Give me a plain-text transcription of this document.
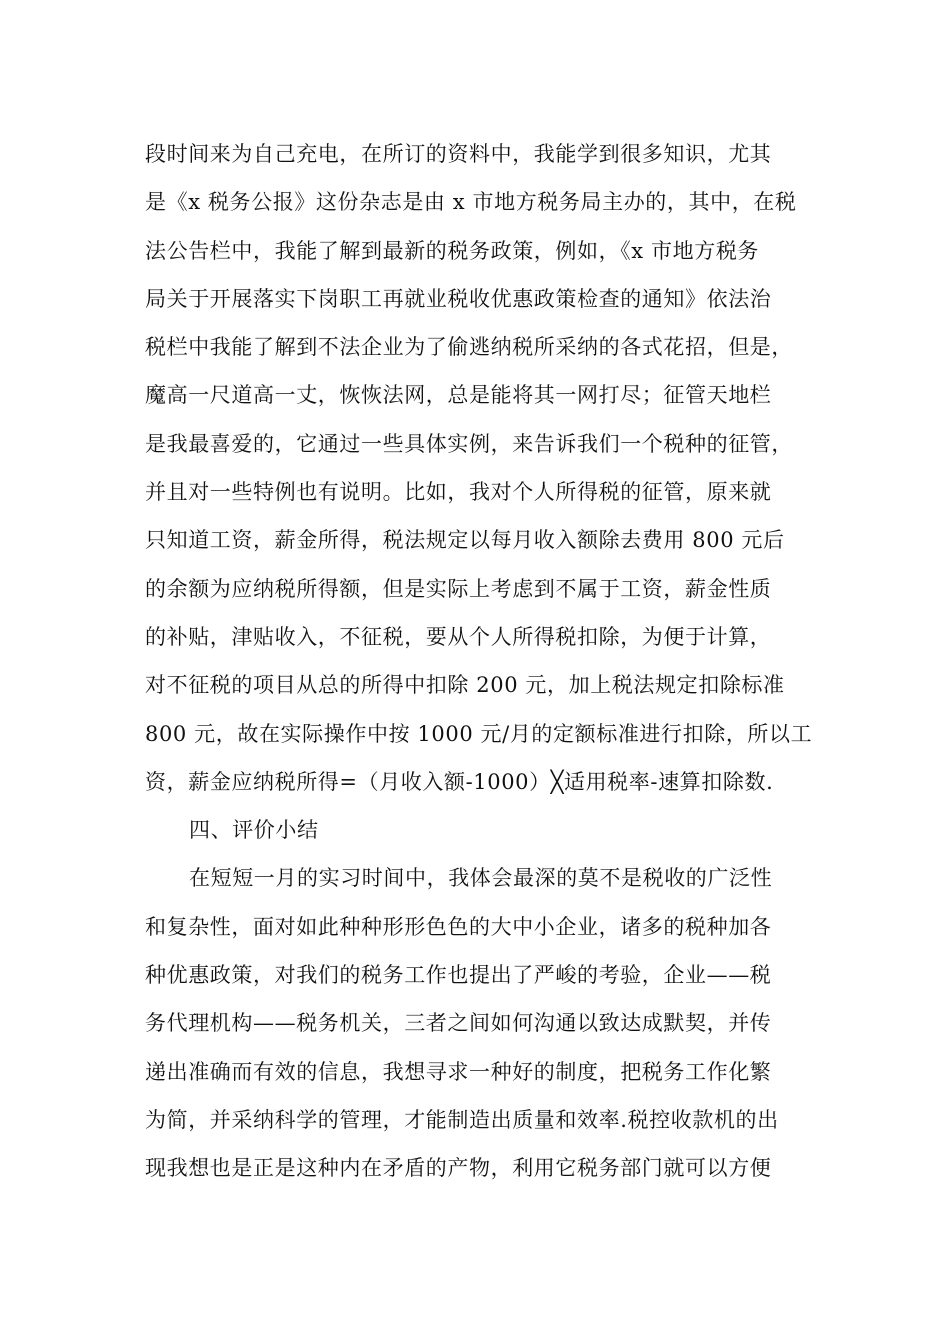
段时间来为自己充电，在所订的资料中，我能学到很多知识，尤其
是《x 税务公报》这份杂志是由 x 市地方税务局主办的，其中，在税
法公告栏中，我能了解到最新的税务政策，例如，《x 市地方税务
局关于开展落实下岗职工再就业税收优惠政策检查的通知》依法治
税栏中我能了解到不法企业为了偷逃纳税所采纳的各式花招，但是，
魔高一尺道高一丈，恢恢法网，总是能将其一网打尽；征管天地栏
是我最喜爱的，它通过一些具体实例，来告诉我们一个税种的征管，
并且对一些特例也有说明。比如，我对个人所得税的征管，原来就
只知道工资，薪金所得，税法规定以每月收入额除去费用 800 元后
的余额为应纳税所得额，但是实际上考虑到不属于工资，薪金性质
的补贴，津贴收入，不征税，要从个人所得税扣除，为便于计算，
对不征税的项目从总的所得中扣除 200 元，加上税法规定扣除标准
800 元，故在实际操作中按 1000 元/月的定额标准进行扣除，所以工
资，薪金应纳税所得=（月收入额-1000）╳适用税率-速算扣除数.
四、评价小结
在短短一月的实习时间中，我体会最深的莫不是税收的广泛性
和复杂性，面对如此种种形形色色的大中小企业，诸多的税种加各
种优惠政策，对我们的税务工作也提出了严峻的考验，企业——税
务代理机构——税务机关，三者之间如何沟通以致达成默契，并传
递出准确而有效的信息，我想寻求一种好的制度，把税务工作化繁
为简，并采纳科学的管理，才能制造出质量和效率.税控收款机的出
现我想也是正是这种内在矛盾的产物，利用它税务部门就可以方便
